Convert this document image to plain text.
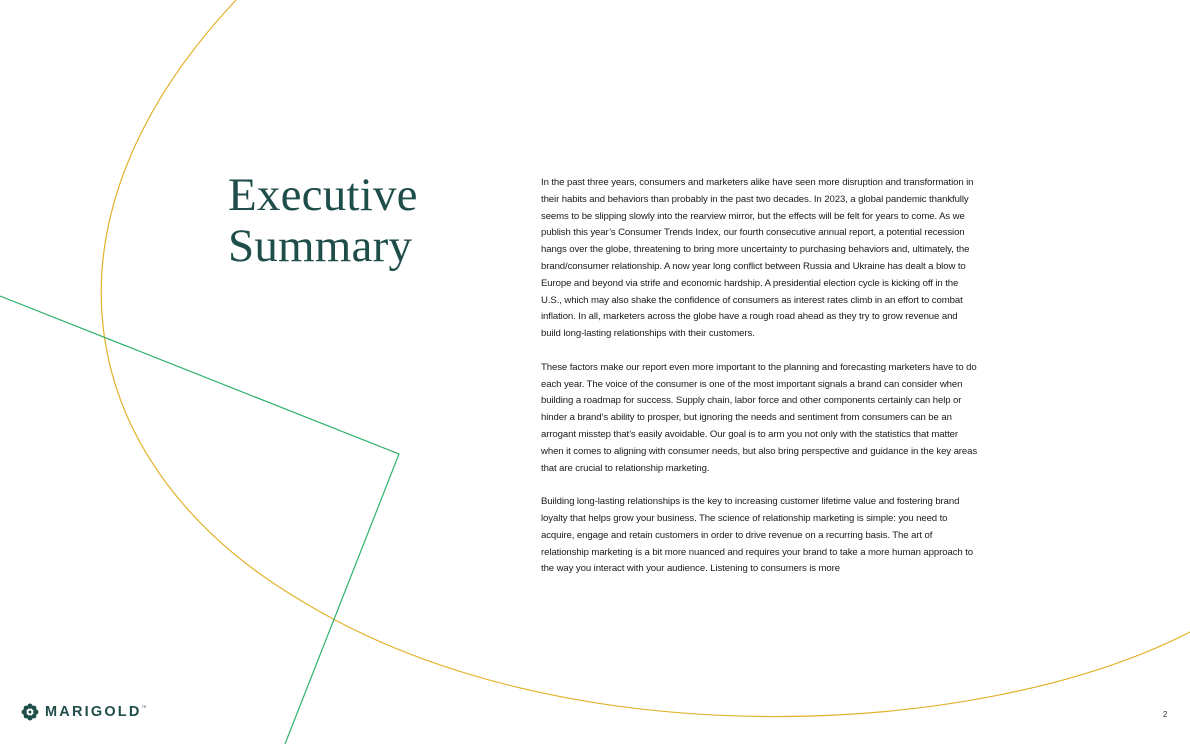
Executive
Summary

In the past three years, consumers and marketers alike have seen more disruption and transformation in their habits and behaviors than probably in the past two decades. In 2023, a global pandemic thankfully seems to be slipping slowly into the rearview mirror, but the effects will be felt for years to come. As we publish this year’s Consumer Trends Index, our fourth consecutive annual report, a potential recession hangs over the globe, threatening to bring more uncertainty to purchasing behaviors and, ultimately, the brand/consumer relationship. A now year long conflict between Russia and Ukraine has dealt a blow to Europe and beyond via strife and economic hardship. A presidential election cycle is kicking off in the U.S., which may also shake the confidence of consumers as interest rates climb in an effort to combat inflation. In all, marketers across the globe have a rough road ahead as they try to grow revenue and build long-lasting relationships with their customers.

These factors make our report even more important to the planning and forecasting marketers have to do each year. The voice of the consumer is one of the most important signals a brand can consider when building a roadmap for success. Supply chain, labor force and other components certainly can help or hinder a brand’s ability to prosper, but ignoring the needs and sentiment from consumers can be an arrogant misstep that’s easily avoidable. Our goal is to arm you not only with the statistics that matter when it comes to aligning with consumer needs, but also bring perspective and guidance in the key areas that are crucial to relationship marketing.

Building long-lasting relationships is the key to increasing customer lifetime value and fostering brand loyalty that helps grow your business. The science of relationship marketing is simple: you need to acquire, engage and retain customers in order to drive revenue on a recurring basis. The art of relationship marketing is a bit more nuanced and requires your brand to take a more human approach to the way you interact with your audience. Listening to consumers is more

MARIGOLD ™
2
